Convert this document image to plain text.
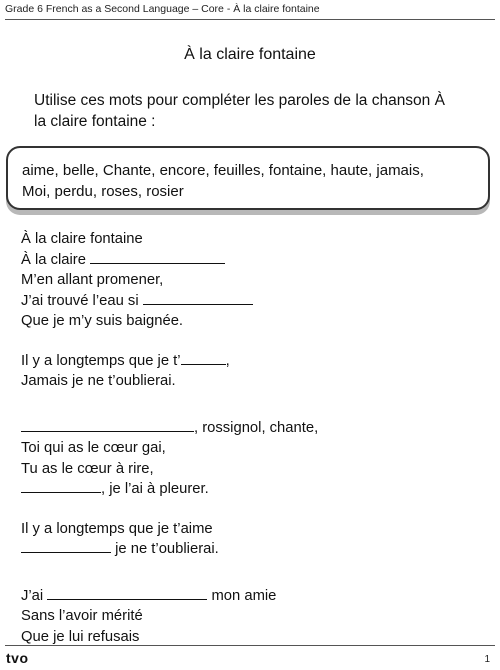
Grade 6 French as a Second Language – Core - À la claire fontaine
À la claire fontaine
Utilise ces mots pour compléter les paroles de la chanson À la claire fontaine :
aime, belle, Chante, encore, feuilles, fontaine, haute, jamais,
Moi, perdu, roses, rosier
À la claire fontaine
À la claire
M’en allant promener,
J’ai trouvé l’eau si
Que je m’y suis baignée.
Il y a longtemps que je t’	,
Jamais je ne t’oublierai.
, rossignol, chante,
Toi qui as le cœur gai,
Tu as le cœur à rire,
, je l’ai à pleurer.
Il y a longtemps que je t’aime
je ne t’oublierai.
J’ai	mon amie
Sans l’avoir mérité
Que je lui refusais
tvo	1
